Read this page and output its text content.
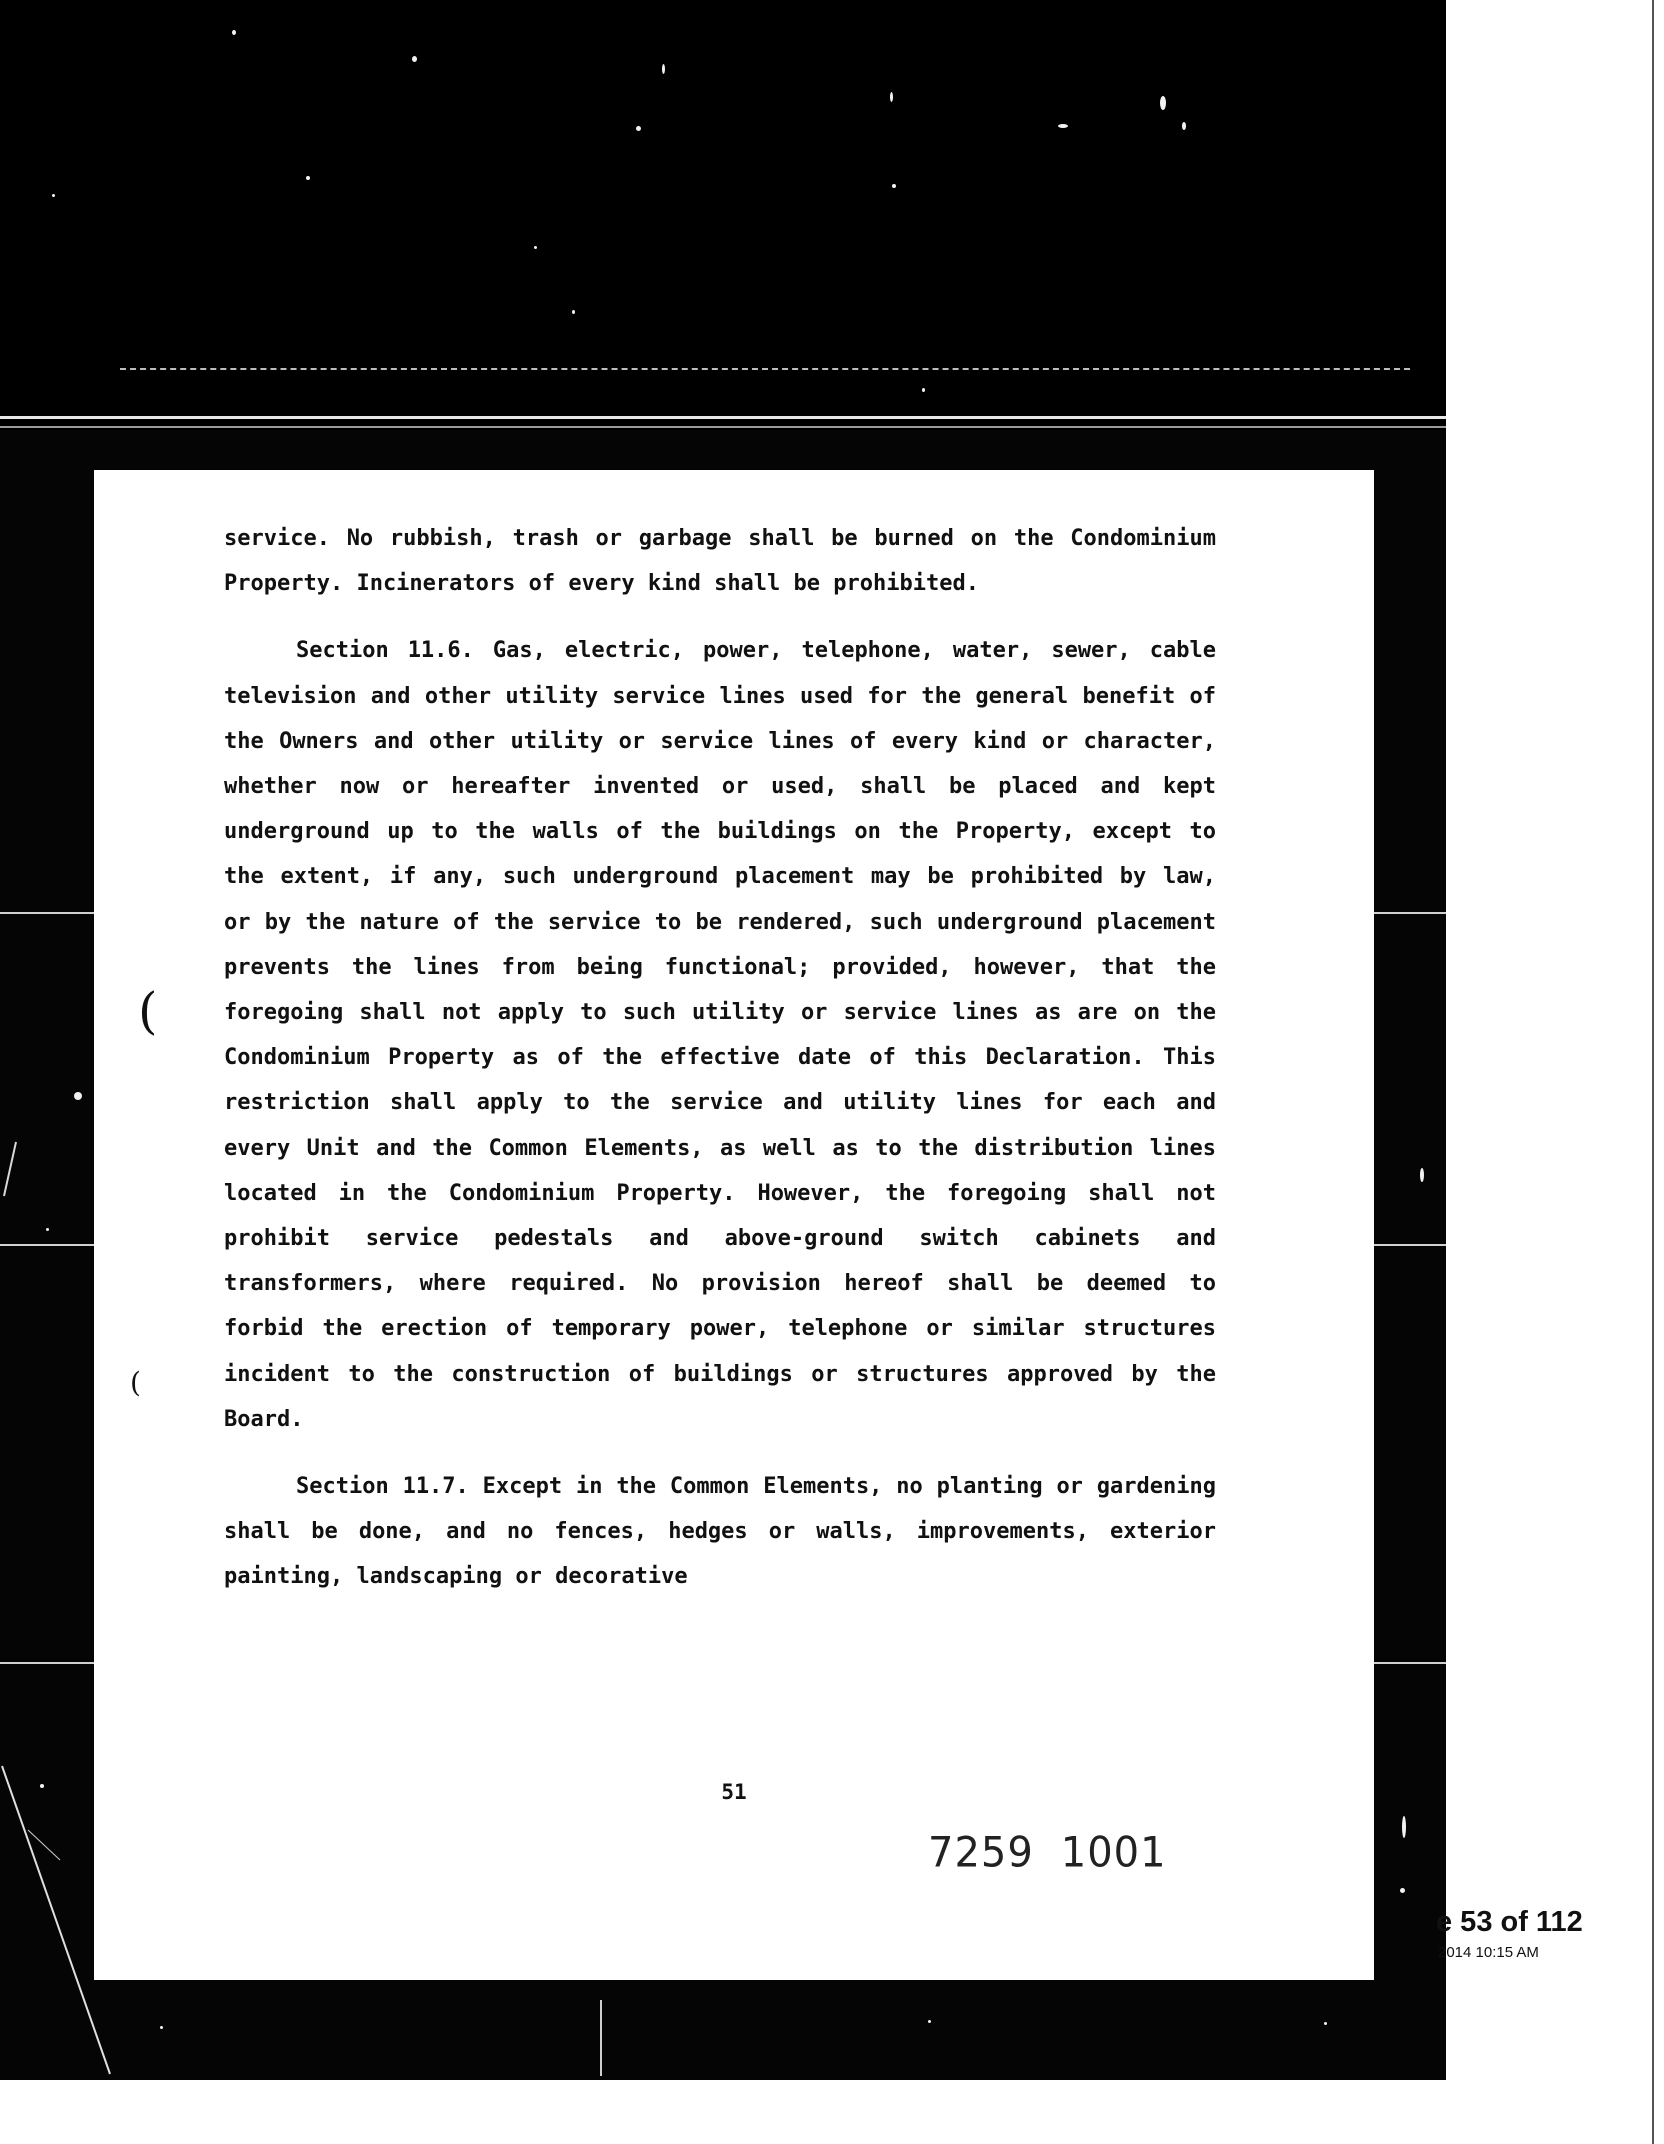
service. No rubbish, trash or garbage shall be burned on the Condominium Property. Incinerators of every kind shall be prohibited.

Section 11.6. Gas, electric, power, telephone, water, sewer, cable television and other utility service lines used for the general benefit of the Owners and other utility or service lines of every kind or character, whether now or hereafter invented or used, shall be placed and kept underground up to the walls of the buildings on the Property, except to the extent, if any, such underground placement may be prohibited by law, or by the nature of the service to be rendered, such underground placement prevents the lines from being functional; provided, however, that the foregoing shall not apply to such utility or service lines as are on the Condominium Property as of the effective date of this Declaration. This restriction shall apply to the service and utility lines for each and every Unit and the Common Elements, as well as to the distribution lines located in the Condominium Property. However, the foregoing shall not prohibit service pedestals and above-ground switch cabinets and transformers, where required. No provision hereof shall be deemed to forbid the erection of temporary power, telephone or similar structures incident to the construction of buildings or structures approved by the Board.

Section 11.7. Except in the Common Elements, no planting or gardening shall be done, and no fences, hedges or walls, improvements, exterior painting, landscaping or decorative

51
7259   1001
(
(
e 53 of 112
2014 10:15 AM
